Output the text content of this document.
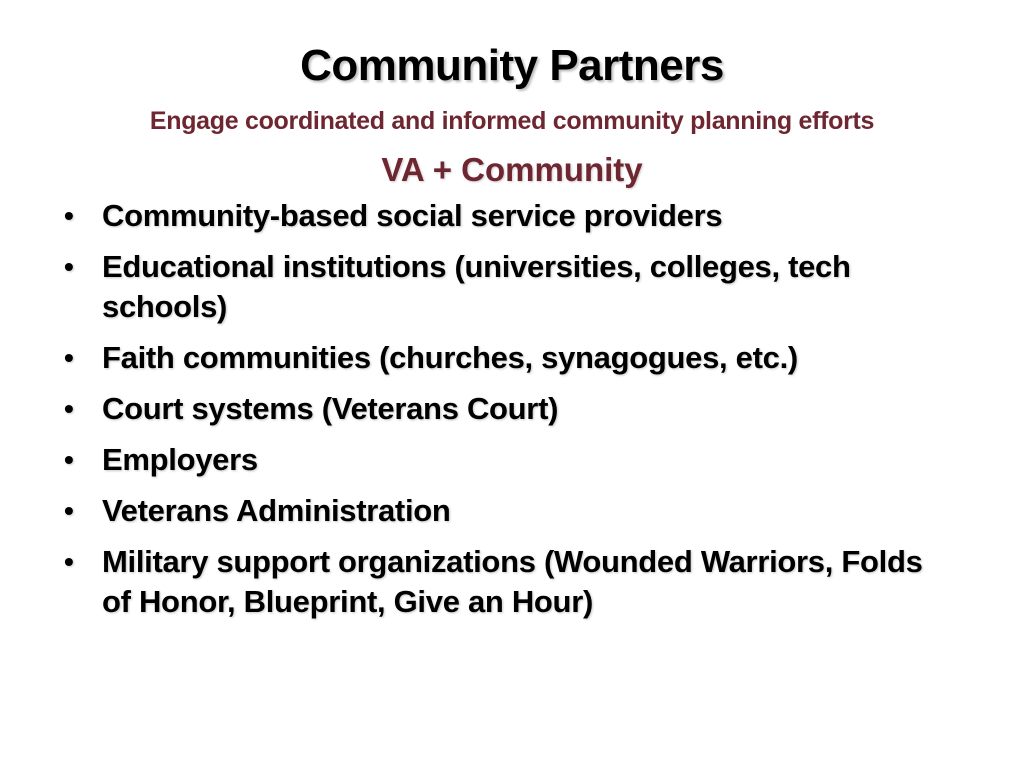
Community Partners
Engage coordinated and informed community planning efforts
VA + Community
• Community-based social service providers
• Educational institutions (universities, colleges, tech schools)
• Faith communities (churches, synagogues, etc.)
• Court systems (Veterans Court)
• Employers
• Veterans Administration
• Military support organizations (Wounded Warriors, Folds of Honor, Blueprint, Give an Hour)
